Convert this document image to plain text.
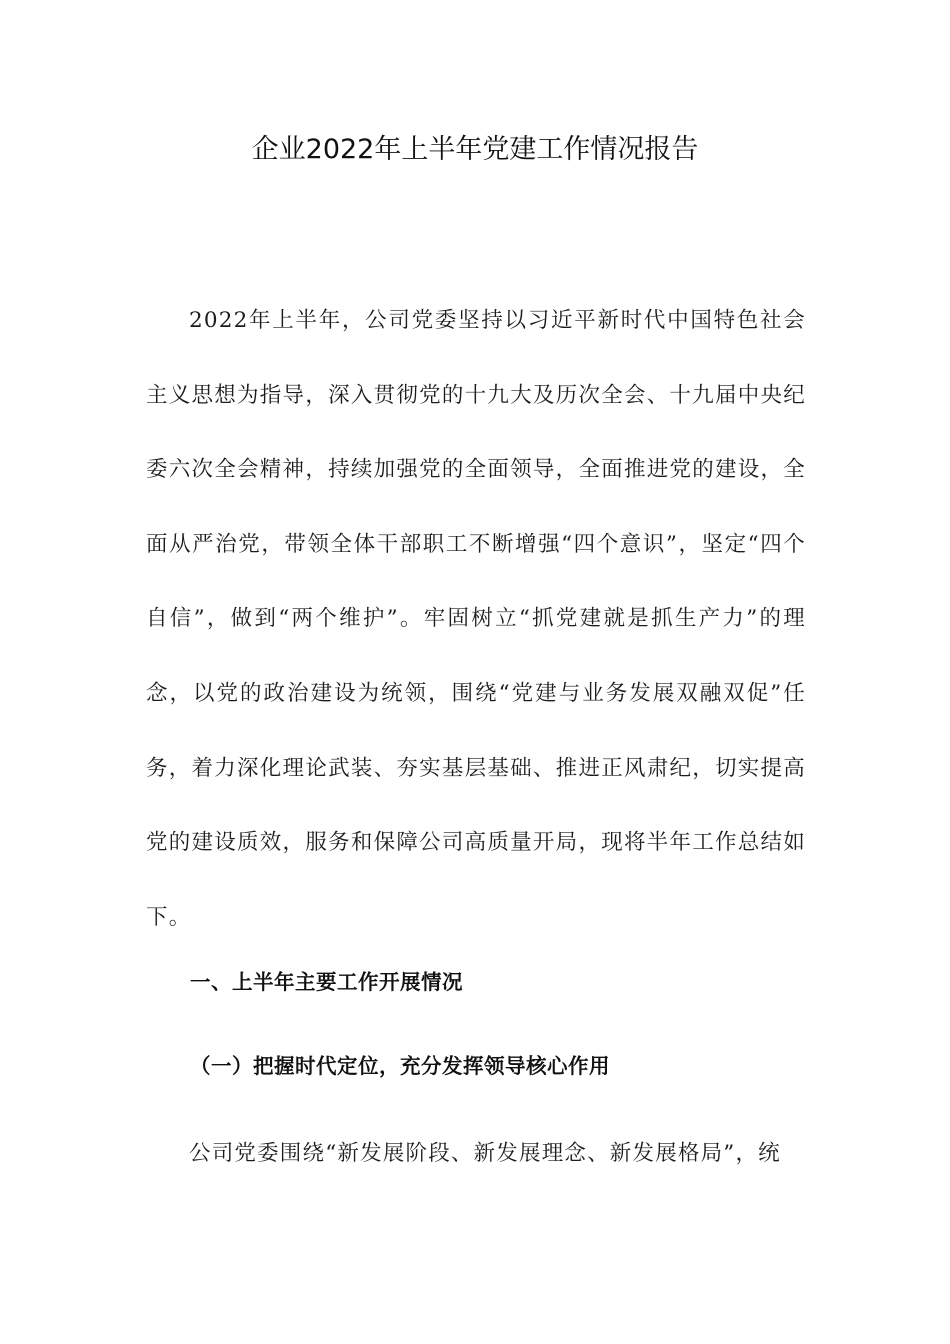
企业2022年上半年党建工作情况报告
2022年上半年，公司党委坚持以习近平新时代中国特色社会主义思想为指导，深入贯彻党的十九大及历次全会、十九届中央纪委六次全会精神，持续加强党的全面领导，全面推进党的建设，全面从严治党，带领全体干部职工不断增强“四个意识”，坚定“四个自信”，做到“两个维护”。牢固树立“抓党建就是抓生产力”的理念，以党的政治建设为统领，围绕“党建与业务发展双融双促”任务，着力深化理论武装、夯实基层基础、推进正风肃纪，切实提高党的建设质效，服务和保障公司高质量开局，现将半年工作总结如下。
一、上半年主要工作开展情况
（一）把握时代定位，充分发挥领导核心作用
公司党委围绕“新发展阶段、新发展理念、新发展格局”，统
